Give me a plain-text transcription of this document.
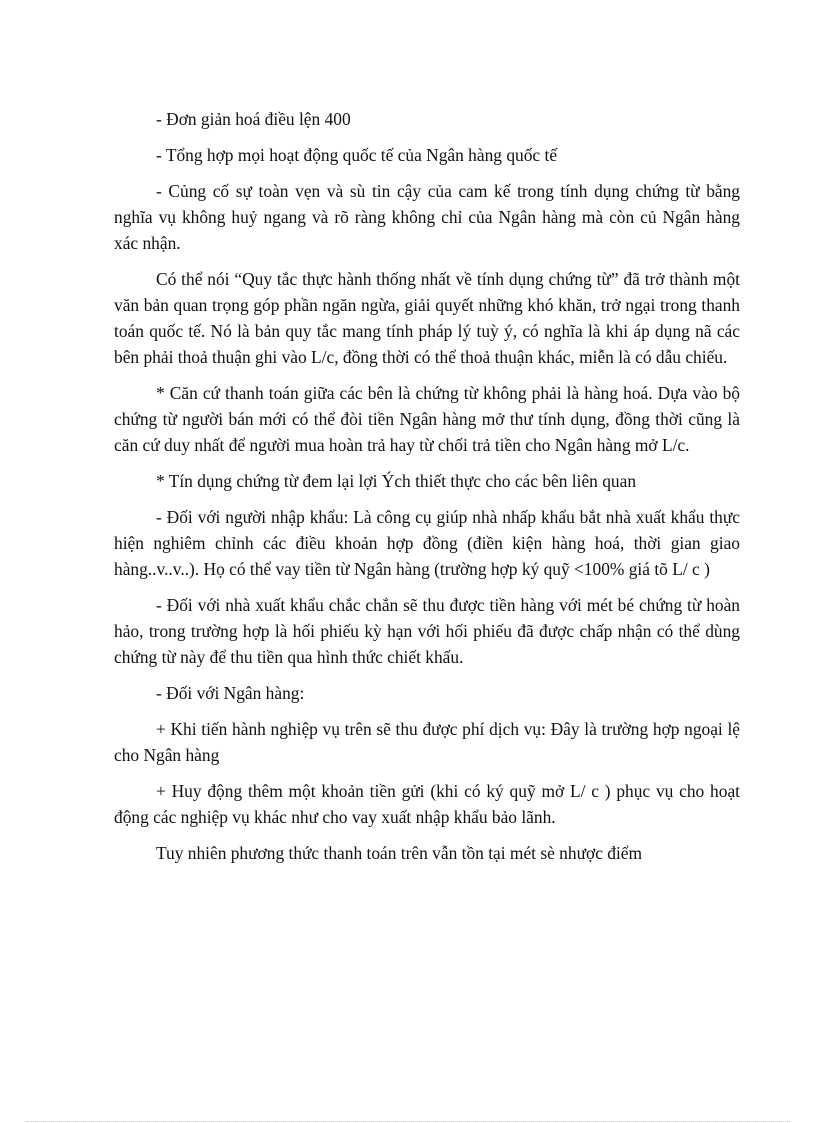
- Đơn giản hoá điều lện 400

- Tổng hợp mọi hoạt động quốc tế của Ngân hàng quốc tế

- Củng cố sự toàn vẹn và sù tin cậy của cam kế trong tính dụng chứng từ bằng nghĩa vụ không huỷ ngang và rõ ràng không chỉ của Ngân hàng mà còn củ Ngân hàng xác nhận.

Có thể nói “Quy tắc thực hành thống nhất về tính dụng chứng từ” đã trở thành một văn bản quan trọng góp phần ngăn ngừa, giải quyết những khó khăn, trở ngại trong thanh toán quốc tế. Nó là bản quy tắc mang tính pháp lý tuỳ ý, có nghĩa là khi áp dụng nã các bên phải thoả thuận ghi vào L/c, đồng thời có thể thoả thuận khác, miễn là có dẫu chiếu.

* Căn cứ thanh toán giữa các bên là chứng từ không phải là hàng hoá. Dựa vào bộ chứng từ người bán mới có thể đòi tiền Ngân hàng mở thư tính dụng, đồng thời cũng là căn cứ duy nhất để người mua hoàn trả hay từ chối trả tiền cho Ngân hàng mở L/c.

* Tín dụng chứng từ đem lại lợi Ých thiết thực cho các bên liên quan

- Đối với người nhập khẩu: Là công cụ giúp nhà nhấp khẩu bắt nhà xuất khẩu thực hiện nghiêm chỉnh các điều khoản hợp đồng (điền kiện hàng hoá, thời gian giao hàng..v..v..). Họ có thể vay tiền từ Ngân hàng (trường hợp ký quỹ <100% giá tõ L/ c )

- Đối với nhà xuất khẩu chắc chắn sẽ thu được tiền hàng với mét bé chứng từ hoàn hảo, trong trường hợp là hối phiếu kỳ hạn với hối phiếu đã được chấp nhận có thể dùng chứng từ này để thu tiền qua hình thức chiết khấu.

- Đối với Ngân hàng:

+ Khi tiến hành nghiệp vụ trên sẽ thu được phí dịch vụ: Đây là trường hợp ngoại lệ cho Ngân hàng

+ Huy động thêm một khoản tiền gửi (khi có ký quỹ mở L/ c ) phục vụ cho hoạt động các nghiệp vụ khác như cho vay xuất nhập khẩu bảo lãnh.

Tuy nhiên phương thức thanh toán trên vẫn tồn tại mét sè nhược điểm
